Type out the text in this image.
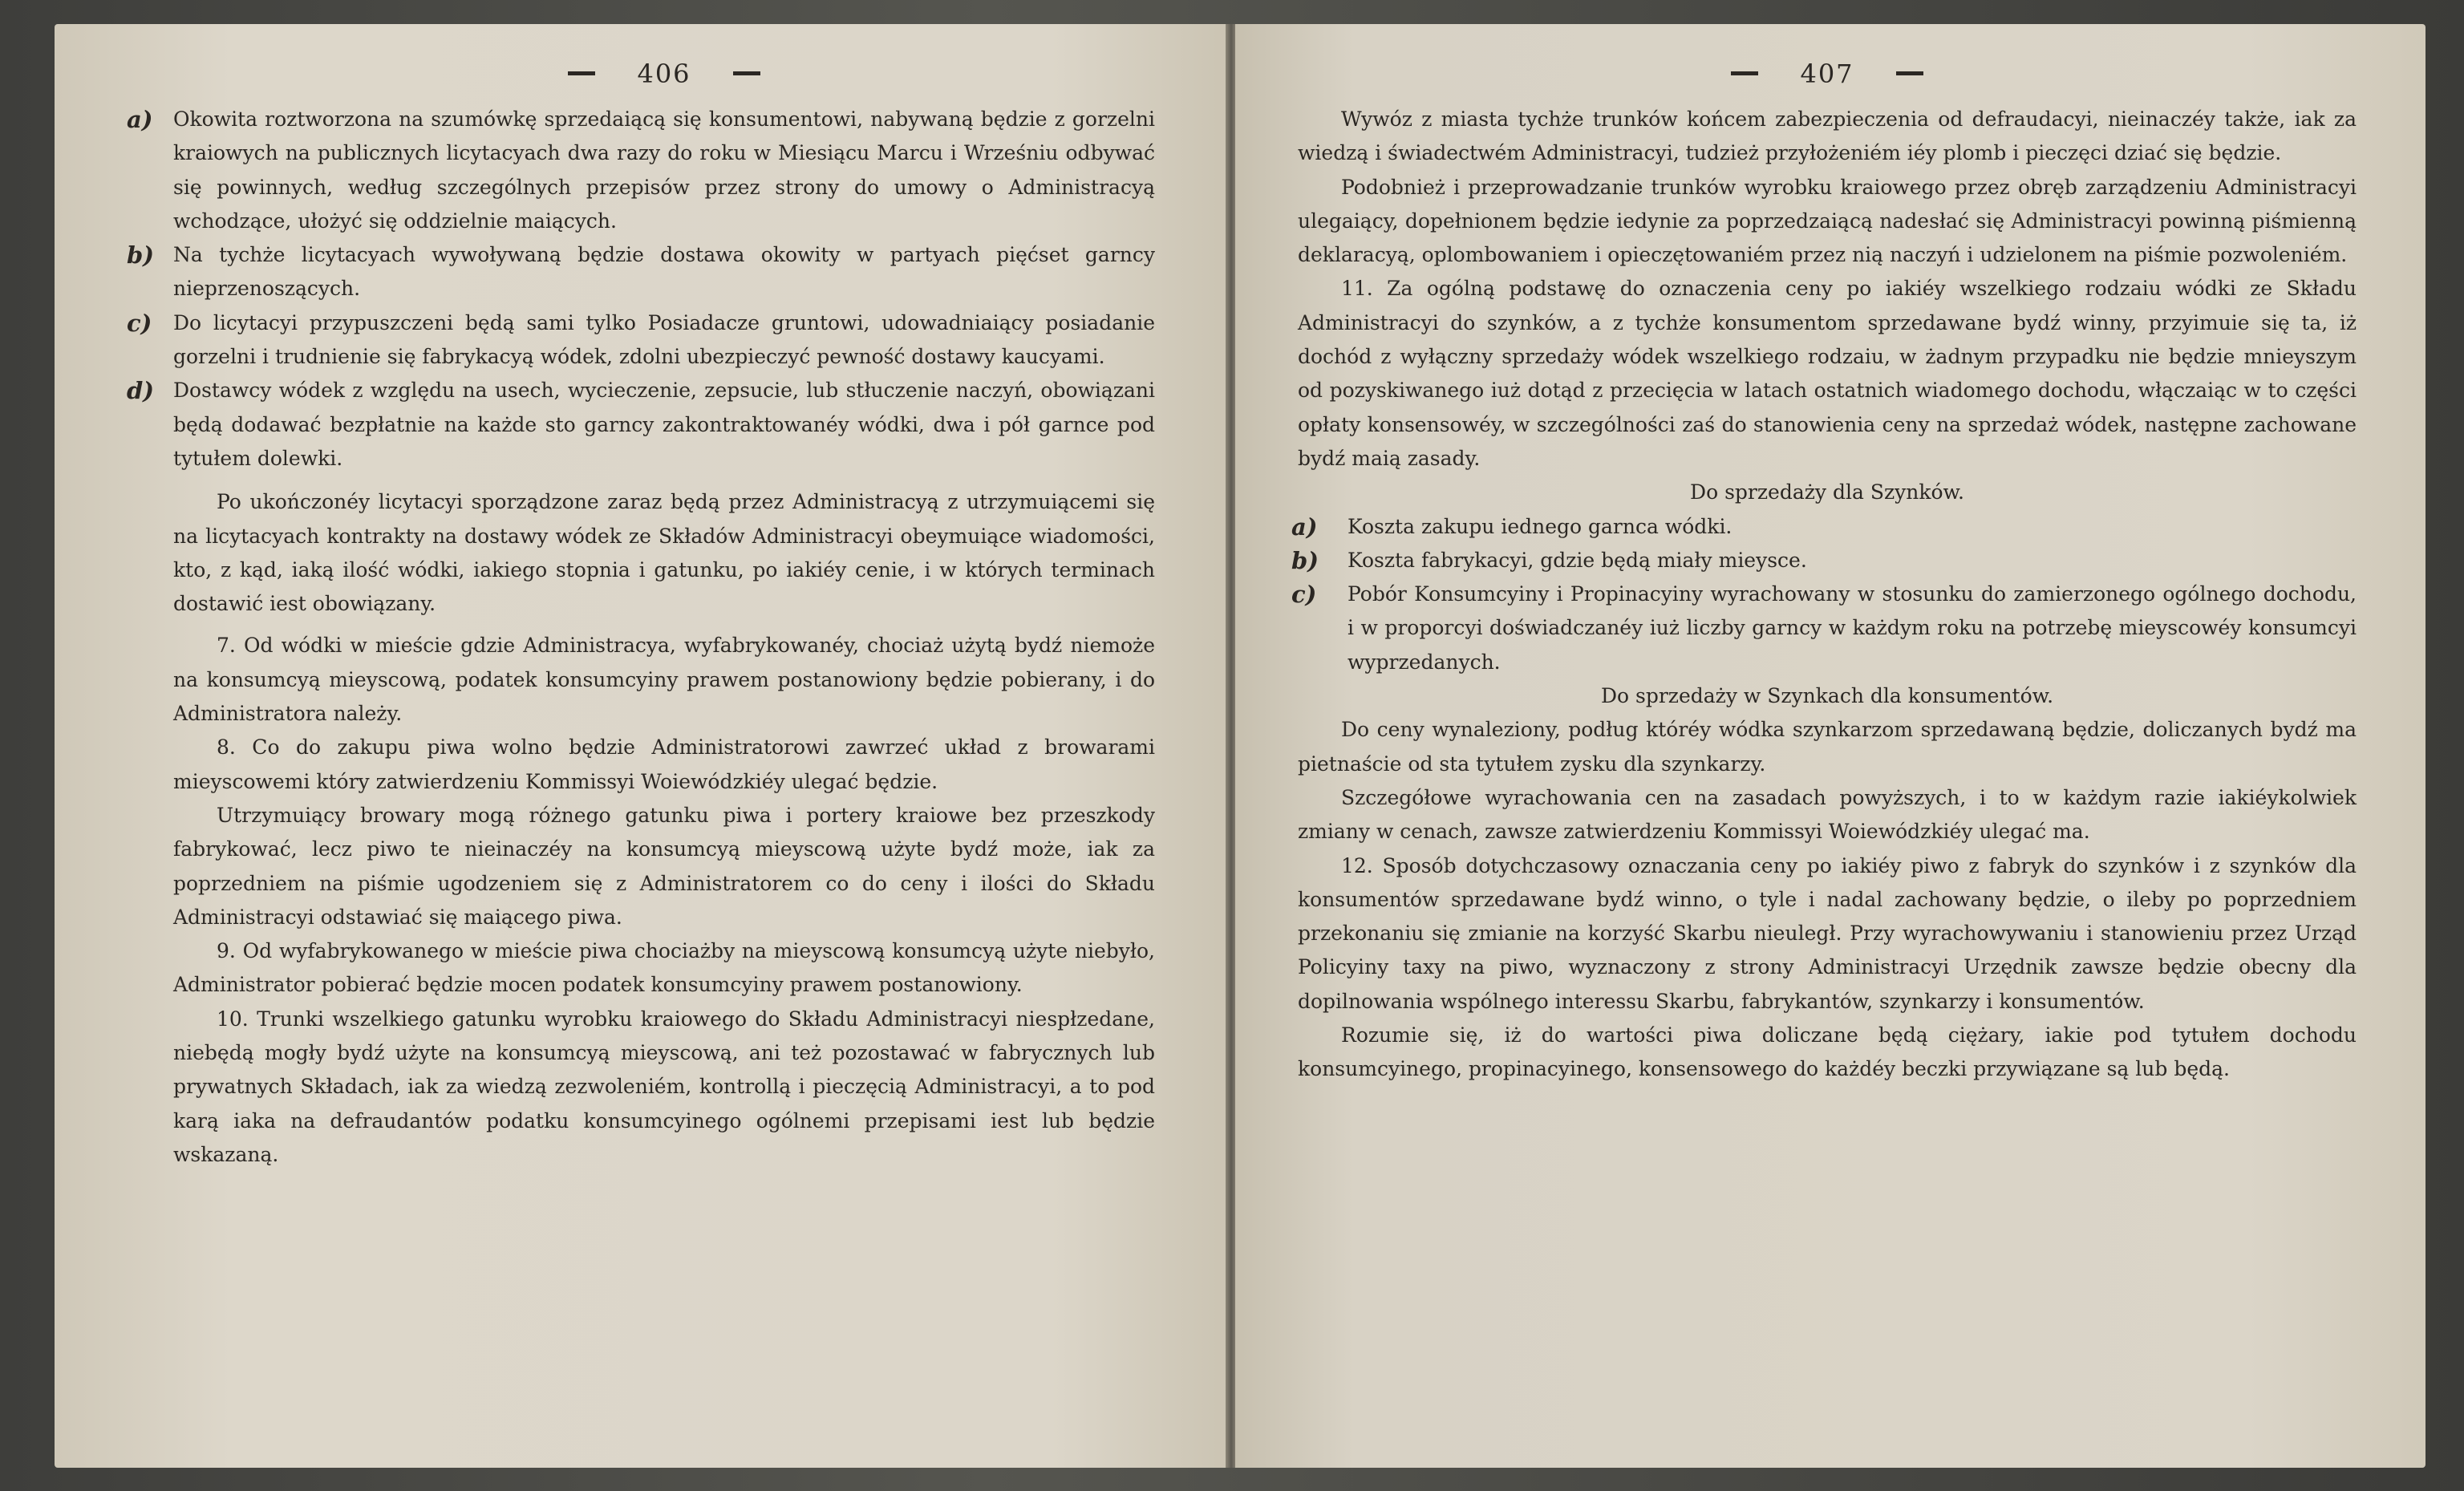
406

a) Okowita roztworzona na szumówkę sprzedaiącą się konsumentowi, nabywaną będzie z gorzelni kraiowych na publicznych licytacyach dwa razy do roku w Miesiącu Marcu i Wrześniu odbywać się powinnych, według szczególnych przepisów przez strony do umowy o Administracyą wchodzące, ułożyć się oddzielnie maiących.

b) Na tychże licytacyach wywoływaną będzie dostawa okowity w partyach pięćset garncy nieprzenoszących.

c) Do licytacyi przypuszczeni będą sami tylko Posiadacze gruntowi, udowadniaiący posiadanie gorzelni i trudnienie się fabrykacyą wódek, zdolni ubezpieczyć pewność dostawy kaucyami.

d) Dostawcy wódek z względu na usech, wycieczenie, zepsucie, lub stłuczenie naczyń, obowiązani będą dodawać bezpłatnie na każde sto garncy zakontraktowanéy wódki, dwa i pół garnce pod tytułem dolewki.

Po ukończonéy licytacyi sporządzone zaraz będą przez Administracyą z utrzymuiącemi się na licytacyach kontrakty na dostawy wódek ze Składów Administracyi obeymuiące wiadomości, kto, z kąd, iaką ilość wódki, iakiego stopnia i gatunku, po iakiéy cenie, i w których terminach dostawić iest obowiązany.

7. Od wódki w mieście gdzie Administracya, wyfabrykowanéy, chociaż użytą bydź niemoże na konsumcyą mieyscową, podatek konsumcyiny prawem postanowiony będzie pobierany, i do Administratora należy.

8. Co do zakupu piwa wolno będzie Administratorowi zawrzeć układ z browarami mieyscowemi który zatwierdzeniu Kommissyi Woiewódzkiéy ulegać będzie.

Utrzymuiący browary mogą różnego gatunku piwa i portery kraiowe bez przeszkody fabrykować, lecz piwo te nieinaczéy na konsumcyą mieyscową użyte bydź może, iak za poprzedniem na piśmie ugodzeniem się z Administratorem co do ceny i ilości do Składu Administracyi odstawiać się maiącego piwa.

9. Od wyfabrykowanego w mieście piwa chociażby na mieyscową konsumcyą użyte niebyło, Administrator pobierać będzie mocen podatek konsumcyiny prawem postanowiony.

10. Trunki wszelkiego gatunku wyrobku kraiowego do Składu Administracyi niespłzedane, niebędą mogły bydź użyte na konsumcyą mieyscową, ani też pozostawać w fabrycznych lub prywatnych Składach, iak za wiedzą zezwoleniém, kontrollą i pieczęcią Administracyi, a to pod karą iaka na defraudantów podatku konsumcyinego ogólnemi przepisami iest lub będzie wskazaną.

407

Wywóz z miasta tychże trunków końcem zabezpieczenia od defraudacyi, nieinaczéy także, iak za wiedzą i świadectwém Administracyi, tudzież przyłożeniém iéy plomb i pieczęci dziać się będzie.

Podobnież i przeprowadzanie trunków wyrobku kraiowego przez obręb zarządzeniu Administracyi ulegaiący, dopełnionem będzie iedynie za poprzedzaiącą nadesłać się Administracyi powinną piśmienną deklaracyą, oplombowaniem i opieczętowaniém przez nią naczyń i udzielonem na piśmie pozwoleniém.

11. Za ogólną podstawę do oznaczenia ceny po iakiéy wszelkiego rodzaiu wódki ze Składu Administracyi do szynków, a z tychże konsumentom sprzedawane bydź winny, przyimuie się ta, iż dochód z wyłączny sprzedaży wódek wszelkiego rodzaiu, w żadnym przypadku nie będzie mnieyszym od pozyskiwanego iuż dotąd z przecięcia w latach ostatnich wiadomego dochodu, włączaiąc w to części opłaty konsensowéy, w szczególności zaś do stanowienia ceny na sprzedaż wódek, następne zachowane bydź maią zasady.

Do sprzedaży dla Szynków.

a) Koszta zakupu iednego garnca wódki.

b) Koszta fabrykacyi, gdzie będą miały mieysce.

c) Pobór Konsumcyiny i Propinacyiny wyrachowany w stosunku do zamierzonego ogólnego dochodu, i w proporcyi doświadczanéy iuż liczby garncy w każdym roku na potrzebę mieyscowéy konsumcyi wyprzedanych.

Do sprzedaży w Szynkach dla konsumentów.

Do ceny wynaleziony, podług któréy wódka szynkarzom sprzedawaną będzie, doliczanych bydź ma pietnaście od sta tytułem zysku dla szynkarzy.

Szczegółowe wyrachowania cen na zasadach powyższych, i to w każdym razie iakiéykolwiek zmiany w cenach, zawsze zatwierdzeniu Kommissyi Woiewódzkiéy ulegać ma.

12. Sposób dotychczasowy oznaczania ceny po iakiéy piwo z fabryk do szynków i z szynków dla konsumentów sprzedawane bydź winno, o tyle i nadal zachowany będzie, o ileby po poprzedniem przekonaniu się zmianie na korzyść Skarbu nieuległ. Przy wyrachowywaniu i stanowieniu przez Urząd Policyiny taxy na piwo, wyznaczony z strony Administracyi Urzędnik zawsze będzie obecny dla dopilnowania wspólnego interessu Skarbu, fabrykantów, szynkarzy i konsumentów.

Rozumie się, iż do wartości piwa doliczane będą ciężary, iakie pod tytułem dochodu konsumcyinego, propinacyinego, konsensowego do każdéy beczki przywiązane są lub będą.
